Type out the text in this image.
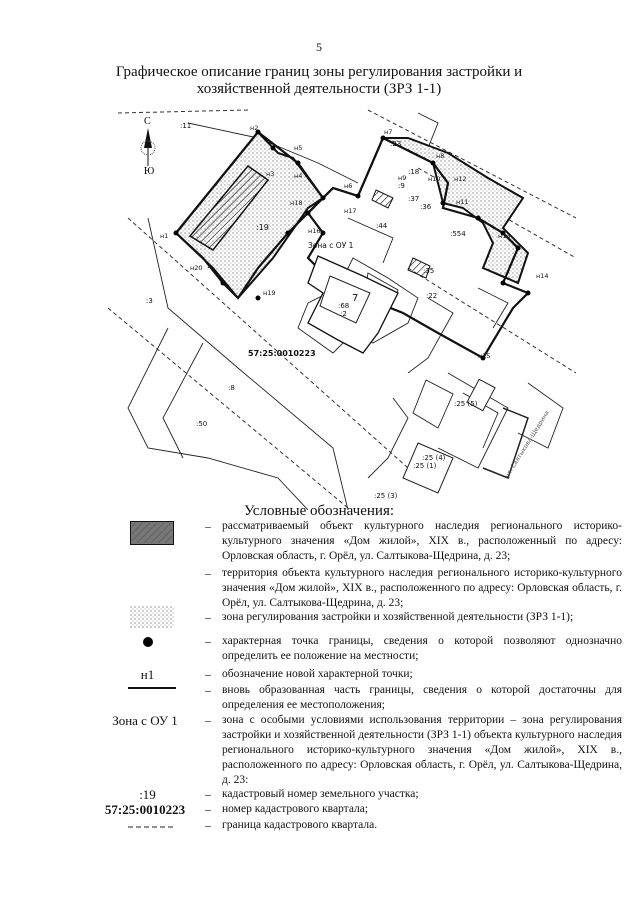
5
Графическое описание границ зоны регулирования застройки и
хозяйственной деятельности (ЗРЗ 1-1)
С
Ю
:11
:19
:68
7
:2
:8
:18
:37
:36
:44
:35
:22
:23
:9
:50
:3
:554
:25 (5)
:25 (1)
:25 (4)
:25 (3)
Зона с ОУ 1
57:25:0010223
ул. Салтыкова-Щедрина
н1
н2
н3	н4
н5
н6
н7
н8
н9	н10
н11
н12
н13
н14
н15
н16
н17
н18
н19
н20
Условные обозначения:
– рассматриваемый объект культурного наследия регионального историко-культурного значения «Дом жилой», XIX в., расположенный по адресу: Орловская область, г. Орёл, ул. Салтыкова-Щедрина, д. 23;
– территория объекта культурного наследия регионального историко-культурного значения «Дом жилой», XIX в., расположенного по адресу: Орловская область, г. Орёл, ул. Салтыкова-Щедрина, д. 23;
– зона регулирования застройки и хозяйственной деятельности (ЗРЗ 1-1);
– характерная точка границы, сведения о которой позволяют однозначно определить ее положение на местности;
н1	– обозначение новой характерной точки;
– вновь образованная часть границы, сведения о которой достаточны для определения ее местоположения;
Зона с ОУ 1	– зона с особыми условиями использования территории – зона регулирования застройки и хозяйственной деятельности (ЗРЗ 1-1) объекта культурного наследия регионального историко-культурного значения «Дом жилой», XIX в., расположенного по адресу: Орловская область, г. Орёл, ул. Салтыкова-Щедрина, д. 23:
:19	– кадастровый номер земельного участка;
57:25:0010223	– номер кадастрового квартала;
– граница кадастрового квартала.
